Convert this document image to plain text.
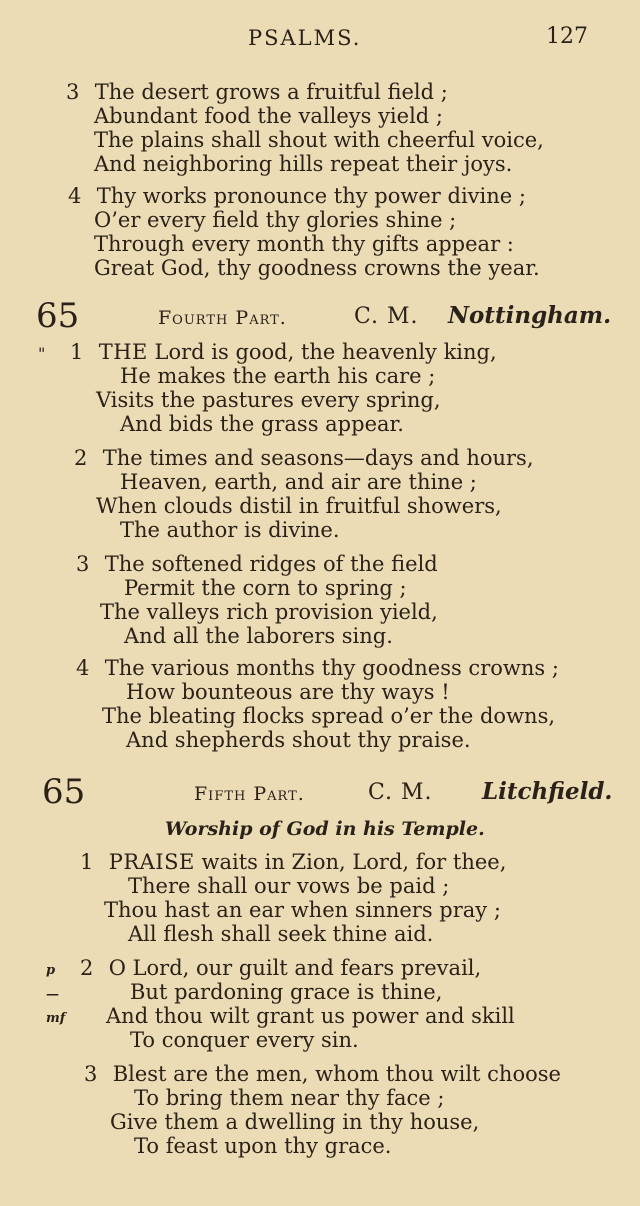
PSALMS.	127
3 The desert grows a fruitful field ;
Abundant food the valleys yield ;
The plains shall shout with cheerful voice,
And neighboring hills repeat their joys.
4 Thy works pronounce thy power divine ;
O’er every field thy glories shine ;
Through every month thy gifts appear :
Great God, thy goodness crowns the year.
65	Fourth Part.	C. M. Nottingham.
" 1 THE Lord is good, the heavenly king,
He makes the earth his care ;
Visits the pastures every spring,
And bids the grass appear.
2 The times and seasons—days and hours,
Heaven, earth, and air are thine ;
When clouds distil in fruitful showers,
The author is divine.
3 The softened ridges of the field
Permit the corn to spring ;
The valleys rich provision yield,
And all the laborers sing.
4 The various months thy goodness crowns ;
How bounteous are thy ways !
The bleating flocks spread o’er the downs,
And shepherds shout thy praise.
65	Fifth Part.	C. M. Litchfield.
Worship of God in his Temple.
1 PRAISE waits in Zion, Lord, for thee,
There shall our vows be paid ;
Thou hast an ear when sinners pray ;
All flesh shall seek thine aid.
p
—
mf
2 O Lord, our guilt and fears prevail,
But pardoning grace is thine,
And thou wilt grant us power and skill
To conquer every sin.
3 Blest are the men, whom thou wilt choose
To bring them near thy face ;
Give them a dwelling in thy house,
To feast upon thy grace.
